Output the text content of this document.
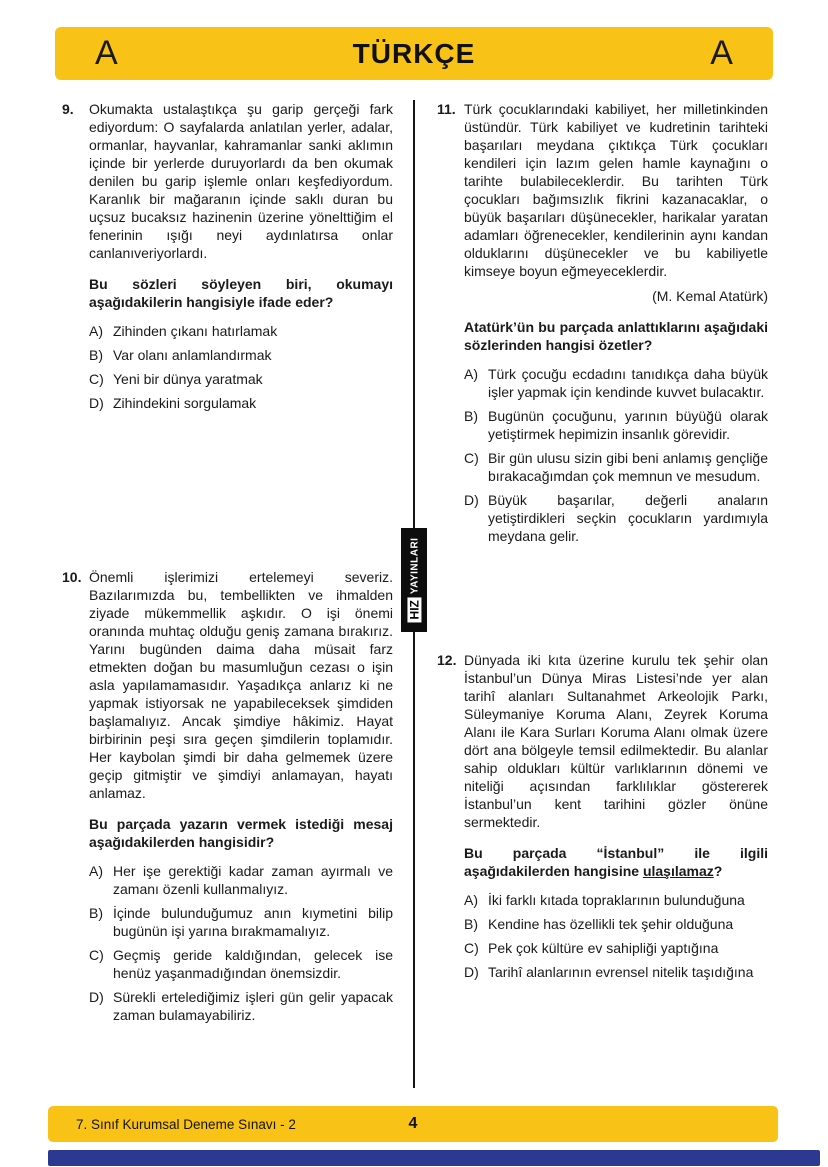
A	TÜRKÇE	A
HIZ
YAYINLARI
9.	Okumakta ustalaştıkça şu garip gerçeği fark ediyordum: O sayfalarda anlatılan yerler, adalar, ormanlar, hayvanlar, kahramanlar sanki aklımın içinde bir yerlerde duruyorlardı da ben okumak denilen bu garip işlemle onları keşfediyordum. Karanlık bir mağaranın içinde saklı duran bu uçsuz bucaksız hazinenin üzerine yönelttiğim el fenerinin ışığı neyi aydınlatırsa onlar canlanıveriyorlardı.

Bu sözleri söyleyen biri, okumayı aşağıdakilerin hangisiyle ifade eder?

A) Zihinden çıkanı hatırlamak
B) Var olanı anlamlandırmak
C) Yeni bir dünya yaratmak
D) Zihindekini sorgulamak
10. Önemli işlerimizi ertelemeyi severiz. Bazılarımızda bu, tembellikten ve ihmalden ziyade mükemmellik aşkıdır. O işi önemi oranında muhtaç olduğu geniş zamana bırakırız. Yarını bugünden daima daha müsait farz etmekten doğan bu masumluğun cezası o işin asla yapılamamasıdır. Yaşadıkça anlarız ki ne yapmak istiyorsak ne yapabileceksek şimdiden başlamalıyız. Ancak şimdiye hâkimiz. Hayat birbirinin peşi sıra geçen şimdilerin toplamıdır. Her kaybolan şimdi bir daha gelmemek üzere geçip gitmiştir ve şimdiyi anlamayan, hayatı anlamaz.

Bu parçada yazarın vermek istediği mesaj aşağıdakilerden hangisidir?

A) Her işe gerektiği kadar zaman ayırmalı ve zamanı özenli kullanmalıyız.
B) İçinde bulunduğumuz anın kıymetini bilip bugünün işi yarına bırakmamalıyız.
C) Geçmiş geride kaldığından, gelecek ise henüz yaşanmadığından önemsizdir.
D) Sürekli ertelediğimiz işleri gün gelir yapacak zaman bulamayabiliriz.
11. Türk çocuklarındaki kabiliyet, her milletinkinden üstündür. Türk kabiliyet ve kudretinin tarihteki başarıları meydana çıktıkça Türk çocukları kendileri için lazım gelen hamle kaynağını o tarihte bulabileceklerdir. Bu tarihten Türk çocukları bağımsızlık fikrini kazanacaklar, o büyük başarıları düşünecekler, harikalar yaratan adamları öğrenecekler, kendilerinin aynı kandan olduklarını düşünecekler ve bu kabiliyetle kimseye boyun eğmeyeceklerdir.

(M. Kemal Atatürk)

Atatürk’ün bu parçada anlattıklarını aşağıdaki sözlerinden hangisi özetler?

A) Türk çocuğu ecdadını tanıdıkça daha büyük işler yapmak için kendinde kuvvet bulacaktır.
B) Bugünün çocuğunu, yarının büyüğü olarak yetiştirmek hepimizin insanlık görevidir.
C) Bir gün ulusu sizin gibi beni anlamış gençliğe bırakacağımdan çok memnun ve mesudum.
D) Büyük başarılar, değerli anaların yetiştirdikleri seçkin çocukların yardımıyla meydana gelir.
12. Dünyada iki kıta üzerine kurulu tek şehir olan İstanbul’un Dünya Miras Listesi’nde yer alan tarihî alanları Sultanahmet Arkeolojik Parkı, Süleymaniye Koruma Alanı, Zeyrek Koruma Alanı ile Kara Surları Koruma Alanı olmak üzere dört ana bölgeyle temsil edilmektedir. Bu alanlar sahip oldukları kültür varlıklarının dönemi ve niteliği açısından farklılıklar göstererek İstanbul’un kent tarihini gözler önüne sermektedir.

Bu parçada “İstanbul” ile ilgili aşağıdakilerden hangisine ulaşılamaz?

A) İki farklı kıtada topraklarının bulunduğuna
B) Kendine has özellikli tek şehir olduğuna
C) Pek çok kültüre ev sahipliği yaptığına
D) Tarihî alanlarının evrensel nitelik taşıdığına
7. Sınıf Kurumsal Deneme Sınavı - 2	4
